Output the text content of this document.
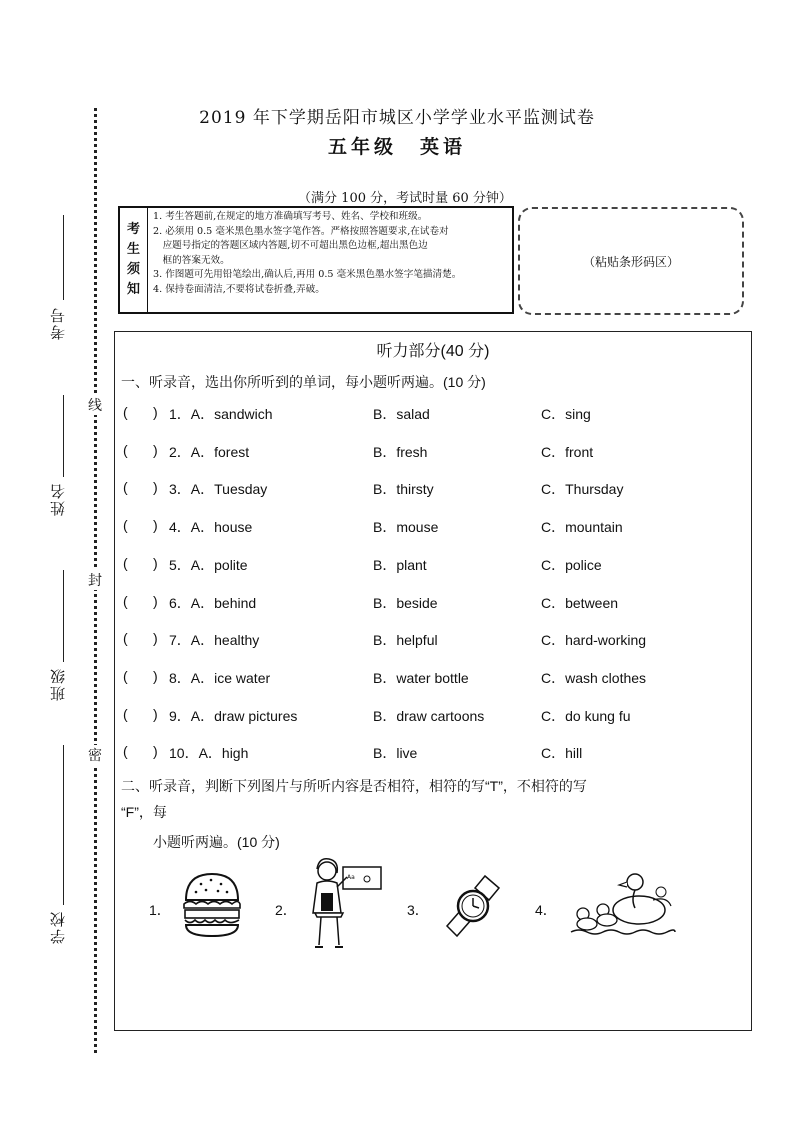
考号
姓名
班级
学校
线
封
密
2019 年下学期岳阳市城区小学学业水平监测试卷
五年级　英语
（满分 100 分，考试时量 60 分钟）
考
生
须
知
1. 考生答题前,在规定的地方准确填写考号、姓名、学校和班级。
2. 必须用 0.5 毫米黑色墨水签字笔作答。严格按照答题要求,在试卷对
　应题号指定的答题区域内答题,切不可超出黑色边框,超出黑色边
　框的答案无效。
3. 作图题可先用铅笔绘出,确认后,再用 0.5 毫米黑色墨水签字笔描清楚。
4. 保持卷面清洁,不要将试卷折叠,弄破。
（粘贴条形码区）
听力部分(40 分)
一、听录音，选出你所听到的单词，每小题听两遍。(10 分)
( ) 1．A．sandwich	B．salad	C．sing
( ) 2．A．forest	B．fresh	C．front
( ) 3．A．Tuesday	B．thirsty	C．Thursday
( ) 4．A．house	B．mouse	C．mountain
( ) 5．A．polite	B．plant	C．police
( ) 6．A．behind	B．beside	C．between
( ) 7．A．healthy	B．helpful	C．hard-working
( ) 8．A．ice water	B．water bottle	C．wash clothes
( ) 9．A．draw pictures	B．draw cartoons	C．do kung fu
( ) 10．A．high	B．live	C．hill
二、听录音，判断下列图片与所听内容是否相符，相符的写“T”，不相符的写
“F”，每
小题听两遍。(10 分)
1．	2．
Aa
3．	4．
